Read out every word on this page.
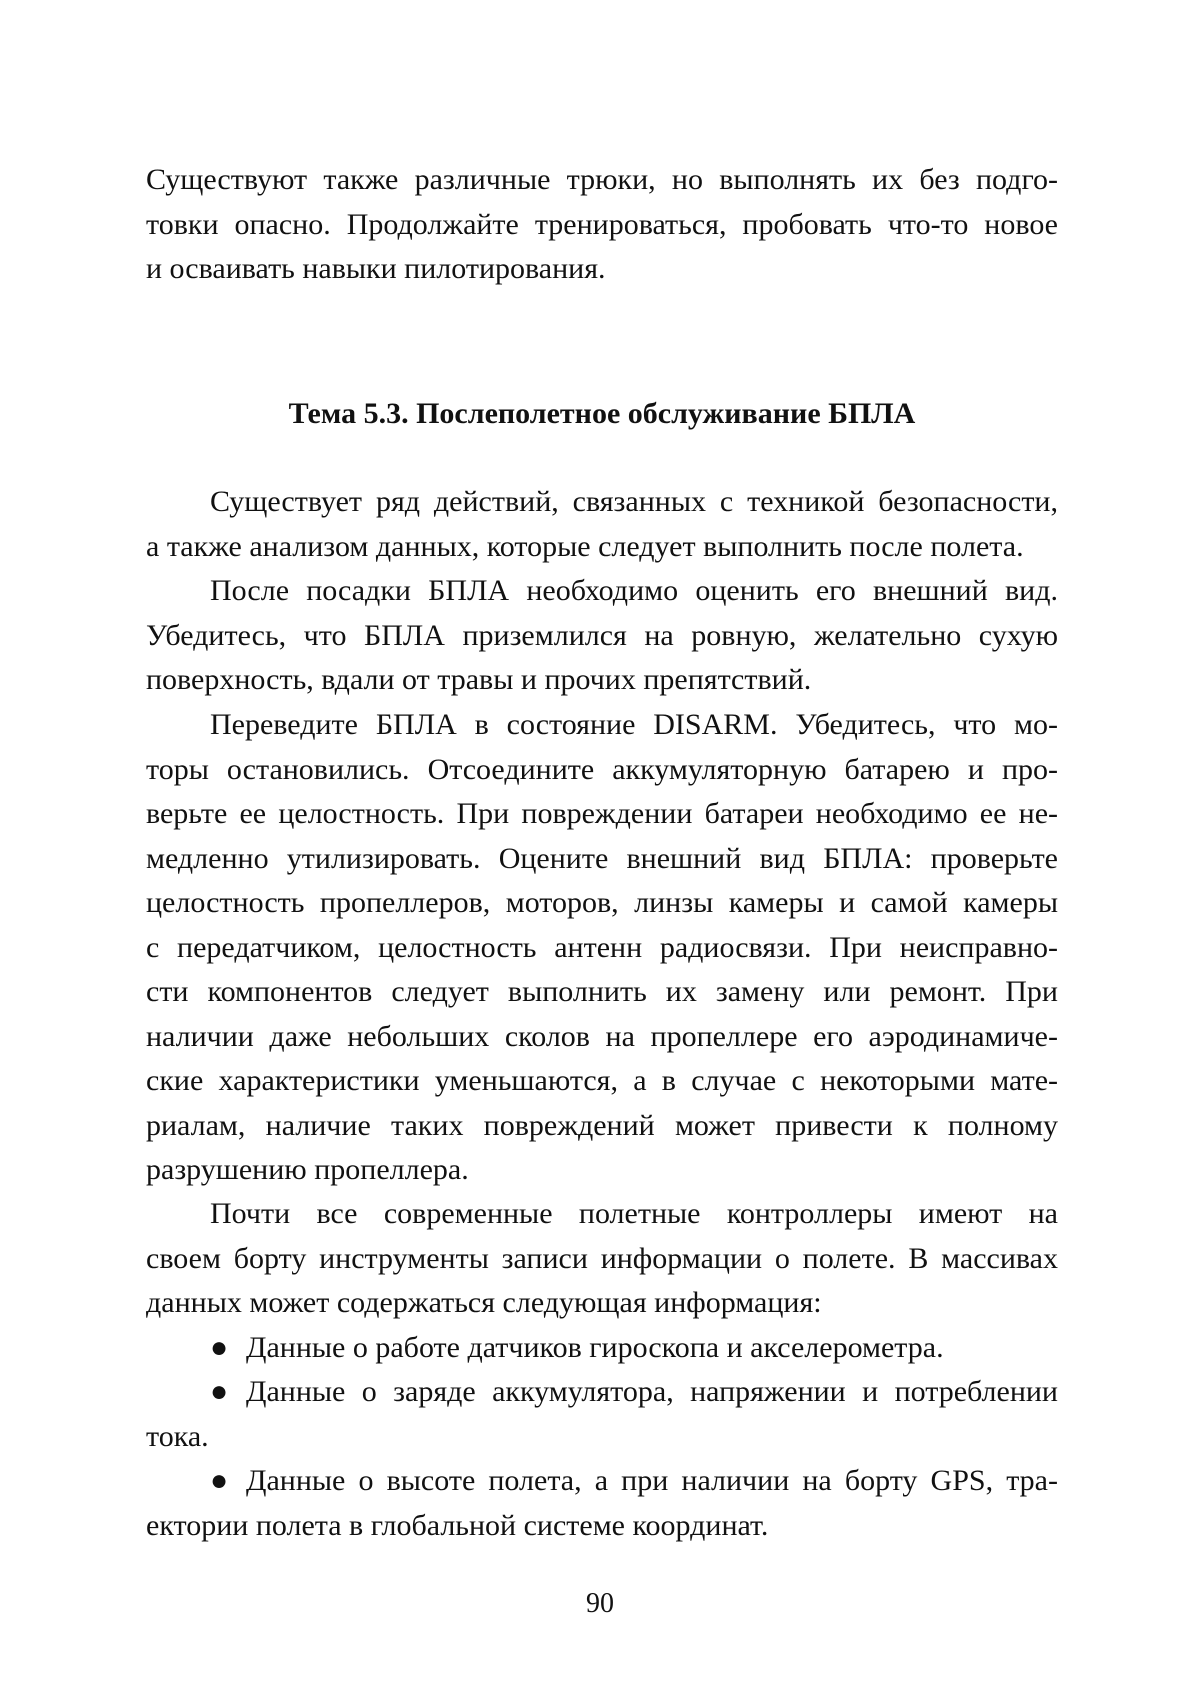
Существуют также различные трюки, но выполнять их без подго-
товки опасно. Продолжайте тренироваться, пробовать что-то новое
и осваивать навыки пилотирования.
Тема 5.3. Послеполетное обслуживание БПЛА
Существует ряд действий, связанных с техникой безопасности,
а также анализом данных, которые следует выполнить после полета.
После посадки БПЛА необходимо оценить его внешний вид.
Убедитесь, что БПЛА приземлился на ровную, желательно сухую
поверхность, вдали от травы и прочих препятствий.
Переведите БПЛА в состояние DISARM. Убедитесь, что мо-
торы остановились. Отсоедините аккумуляторную батарею и про-
верьте ее целостность. При повреждении батареи необходимо ее не-
медленно утилизировать. Оцените внешний вид БПЛА: проверьте
целостность пропеллеров, моторов, линзы камеры и самой камеры
с передатчиком, целостность антенн радиосвязи. При неисправно-
сти компонентов следует выполнить их замену или ремонт. При
наличии даже небольших сколов на пропеллере его аэродинамиче-
ские характеристики уменьшаются, а в случае с некоторыми мате-
риалам, наличие таких повреждений может привести к полному
разрушению пропеллера.
Почти все современные полетные контроллеры имеют на
своем борту инструменты записи информации о полете. В массивах
данных может содержаться следующая информация:
● Данные о работе датчиков гироскопа и акселерометра.
● Данные о заряде аккумулятора, напряжении и потреблении
тока.
● Данные о высоте полета, а при наличии на борту GPS, тра-
ектории полета в глобальной системе координат.
90
